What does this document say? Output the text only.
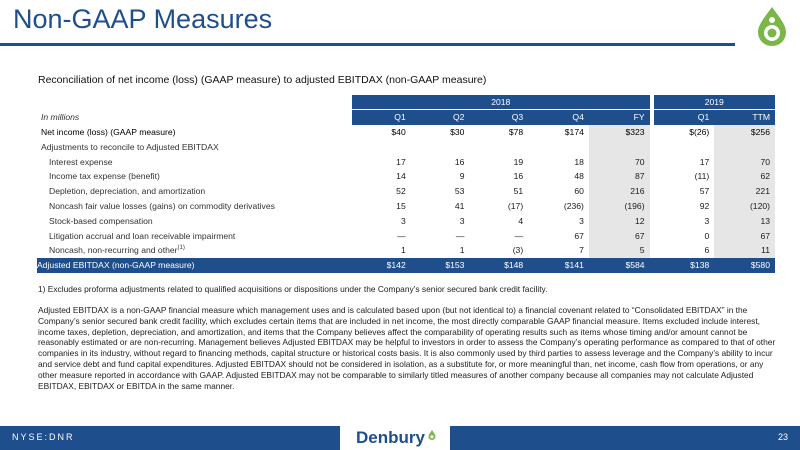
Non-GAAP Measures
Reconciliation of net income (loss) (GAAP measure) to adjusted EBITDAX (non-GAAP measure)
	2018						2019	
In millions	Q1	Q2	Q3	Q4	FY		Q1	TTM
Net income (loss) (GAAP measure)	$40	$30	$78	$174	$323		$(26)	$256
Adjustments to reconcile to Adjusted EBITDAX								
Interest expense	17	16	19	18	70		17	70
Income tax expense (benefit)	14	9	16	48	87		(11)	62
Depletion, depreciation, and amortization	52	53	51	60	216		57	221
Noncash fair value losses (gains) on commodity derivatives	15	41	(17)	(236)	(196)		92	(120)
Stock-based compensation	3	3	4	3	12		3	13
Litigation accrual and loan receivable impairment	—	—	—	67	67		0	67
Noncash, non-recurring and other$^{(1)}$	1	1	(3)	7	5		6	11
Adjusted EBITDAX (non-GAAP measure)	$142	$153	$148	$141	$584		$138	$580
1) Excludes proforma adjustments related to qualified acquisitions or dispositions under the Company’s senior secured bank credit facility.
Adjusted EBITDAX is a non-GAAP financial measure which management uses and is calculated based upon (but not identical to) a financial covenant related to “Consolidated EBITDAX” in the Company’s senior secured bank credit facility, which excludes certain items that are included in net income, the most directly comparable GAAP financial measure. Items excluded include interest, income taxes, depletion, depreciation, and amortization, and items that the Company believes affect the comparability of operating results such as items whose timing and/or amount cannot be reasonably estimated or are non-recurring. Management believes Adjusted EBITDAX may be helpful to investors in order to assess the Company’s operating performance as compared to that of other companies in its industry, without regard to financing methods, capital structure or historical costs basis. It is also commonly used by third parties to assess leverage and the Company’s ability to incur and service debt and fund capital expenditures. Adjusted EBITDAX should not be considered in isolation, as a substitute for, or more meaningful than, net income, cash flow from operations, or any other measure reported in accordance with GAAP. Adjusted EBITDAX may not be comparable to similarly titled measures of another company because all companies may not calculate Adjusted EBITDAX, EBITDAX or EBITDA in the same manner.
NYSE:DNR	Denbury	23
